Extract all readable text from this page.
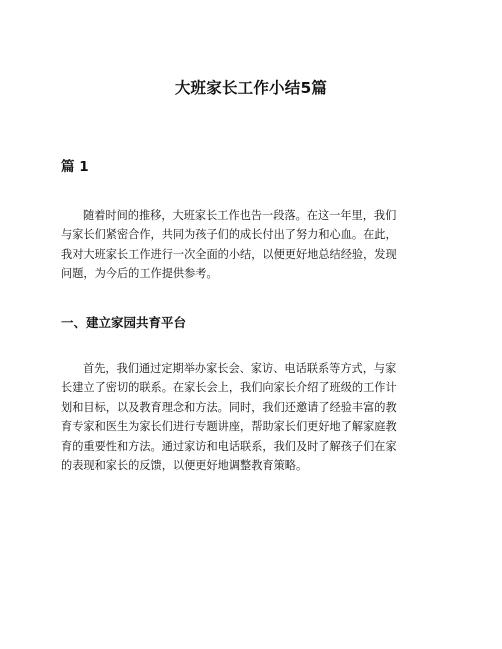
大班家长工作小结5篇
篇 1
随着时间的推移，大班家长工作也告一段落。在这一年里，我们
与家长们紧密合作，共同为孩子们的成长付出了努力和心血。在此，
我对大班家长工作进行一次全面的小结，以便更好地总结经验，发现
问题，为今后的工作提供参考。
一、建立家园共育平台
首先，我们通过定期举办家长会、家访、电话联系等方式，与家
长建立了密切的联系。在家长会上，我们向家长介绍了班级的工作计
划和目标，以及教育理念和方法。同时，我们还邀请了经验丰富的教
育专家和医生为家长们进行专题讲座，帮助家长们更好地了解家庭教
育的重要性和方法。通过家访和电话联系，我们及时了解孩子们在家
的表现和家长的反馈，以便更好地调整教育策略。
